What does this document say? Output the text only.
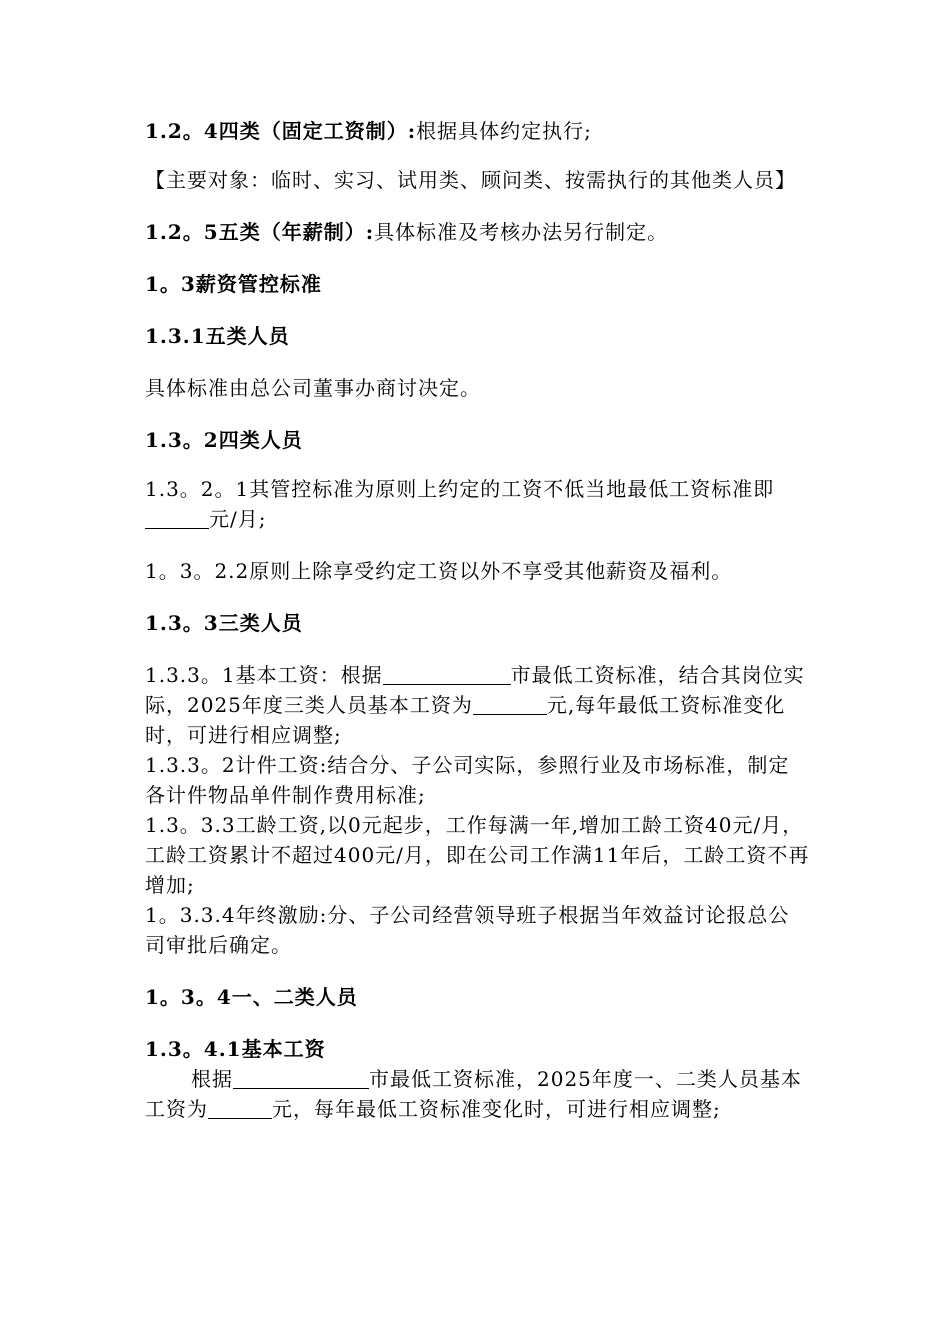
1.2。4四类（固定工资制）:根据具体约定执行;

【主要对象：临时、实习、试用类、顾问类、按需执行的其他类人员】

1.2。5五类（年薪制）:具体标准及考核办法另行制定。

1。3薪资管控标准

1.3.1五类人员

具体标准由总公司董事办商讨决定。

1.3。2四类人员

1.3。2。1其管控标准为原则上约定的工资不低当地最低工资标准即元/月;

1。3。2.2原则上除享受约定工资以外不享受其他薪资及福利。

1.3。3三类人员

1.3.3。1基本工资：根据	市最低工资标准，结合其岗位实际，2025年度三类人员基本工资为	元,每年最低工资标准变化时，可进行相应调整;

1.3.3。2计件工资:结合分、子公司实际，参照行业及市场标准，制定各计件物品单件制作费用标准;

1.3。3.3工龄工资,以0元起步，工作每满一年,增加工龄工资40元/月，工龄工资累计不超过400元/月，即在公司工作满11年后，工龄工资不再增加;

1。3.3.4年终激励:分、子公司经营领导班子根据当年效益讨论报总公司审批后确定。

1。3。4一、二类人员

1.3。4.1基本工资

根据	市最低工资标准，2025年度一、二类人员基本工资为	元，每年最低工资标准变化时，可进行相应调整;
